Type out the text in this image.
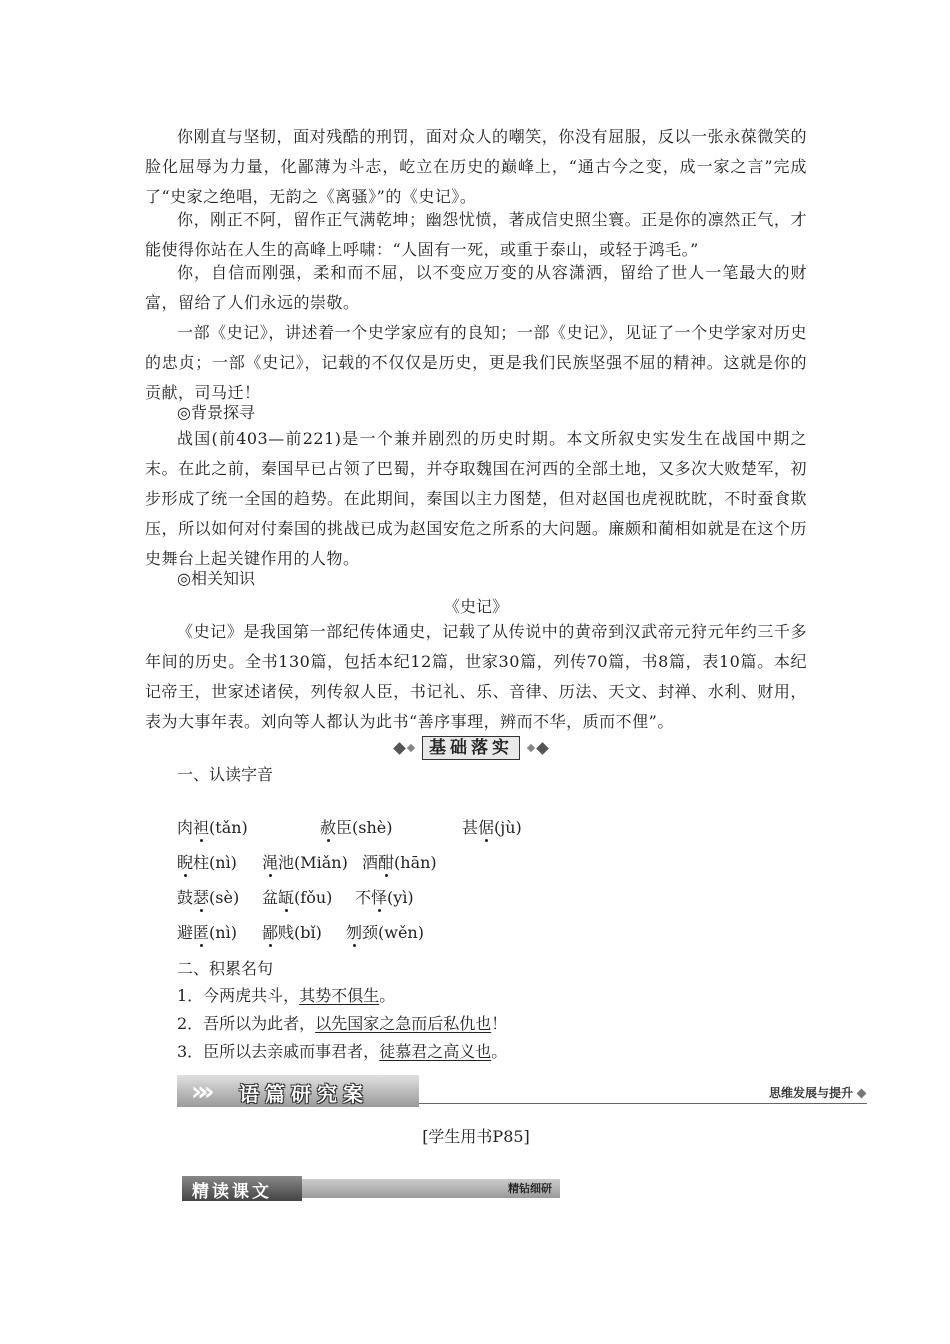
你刚直与坚韧，面对残酷的刑罚，面对众人的嘲笑，你没有屈服，反以一张永葆微笑的脸化屈辱为力量，化鄙薄为斗志，屹立在历史的巅峰上，“通古今之变，成一家之言”完成了“史家之绝唱，无韵之《离骚》”的《史记》。

你，刚正不阿，留作正气满乾坤；幽怨忧愤，著成信史照尘寰。正是你的凛然正气，才能使得你站在人生的高峰上呼啸：“人固有一死，或重于泰山，或轻于鸿毛。”

你，自信而刚强，柔和而不屈，以不变应万变的从容潇洒，留给了世人一笔最大的财富，留给了人们永远的崇敬。

一部《史记》，讲述着一个史学家应有的良知；一部《史记》，见证了一个史学家对历史的忠贞；一部《史记》，记载的不仅仅是历史，更是我们民族坚强不屈的精神。这就是你的贡献，司马迁！

◎背景探寻

战国(前403—前221)是一个兼并剧烈的历史时期。本文所叙史实发生在战国中期之末。在此之前，秦国早已占领了巴蜀，并夺取魏国在河西的全部土地，又多次大败楚军，初步形成了统一全国的趋势。在此期间，秦国以主力图楚，但对赵国也虎视眈眈，不时蚕食欺压，所以如何对付秦国的挑战已成为赵国安危之所系的大问题。廉颇和蔺相如就是在这个历史舞台上起关键作用的人物。

◎相关知识

《史记》

《史记》是我国第一部纪传体通史，记载了从传说中的黄帝到汉武帝元狩元年约三千多年间的历史。全书130篇，包括本纪12篇，世家30篇，列传70篇，书8篇，表10篇。本纪记帝王，世家述诸侯，列传叙人臣，书记礼、乐、音律、历法、天文、封禅、水利、财用，表为大事年表。刘向等人都认为此书“善序事理，辨而不华，质而不俚”。

基础落实

一、认读字音

肉袒(tǎn)	赦臣(shè)	甚倨(jù)
睨柱(nì) 渑池(Miǎn) 酒酣(hān)
鼓瑟(sè) 盆缻(fǒu) 不怿(yì)
避匿(nì) 鄙贱(bǐ) 刎颈(wěn)

二、积累名句

1．今两虎共斗，其势不俱生。
2．吾所以为此者，以先国家之急而后私仇也！
3．臣所以去亲戚而事君者，徒慕君之高义也。
»» 语篇研究案	思维发展与提升
[学生用书P85]
精读课文	精钻细研
